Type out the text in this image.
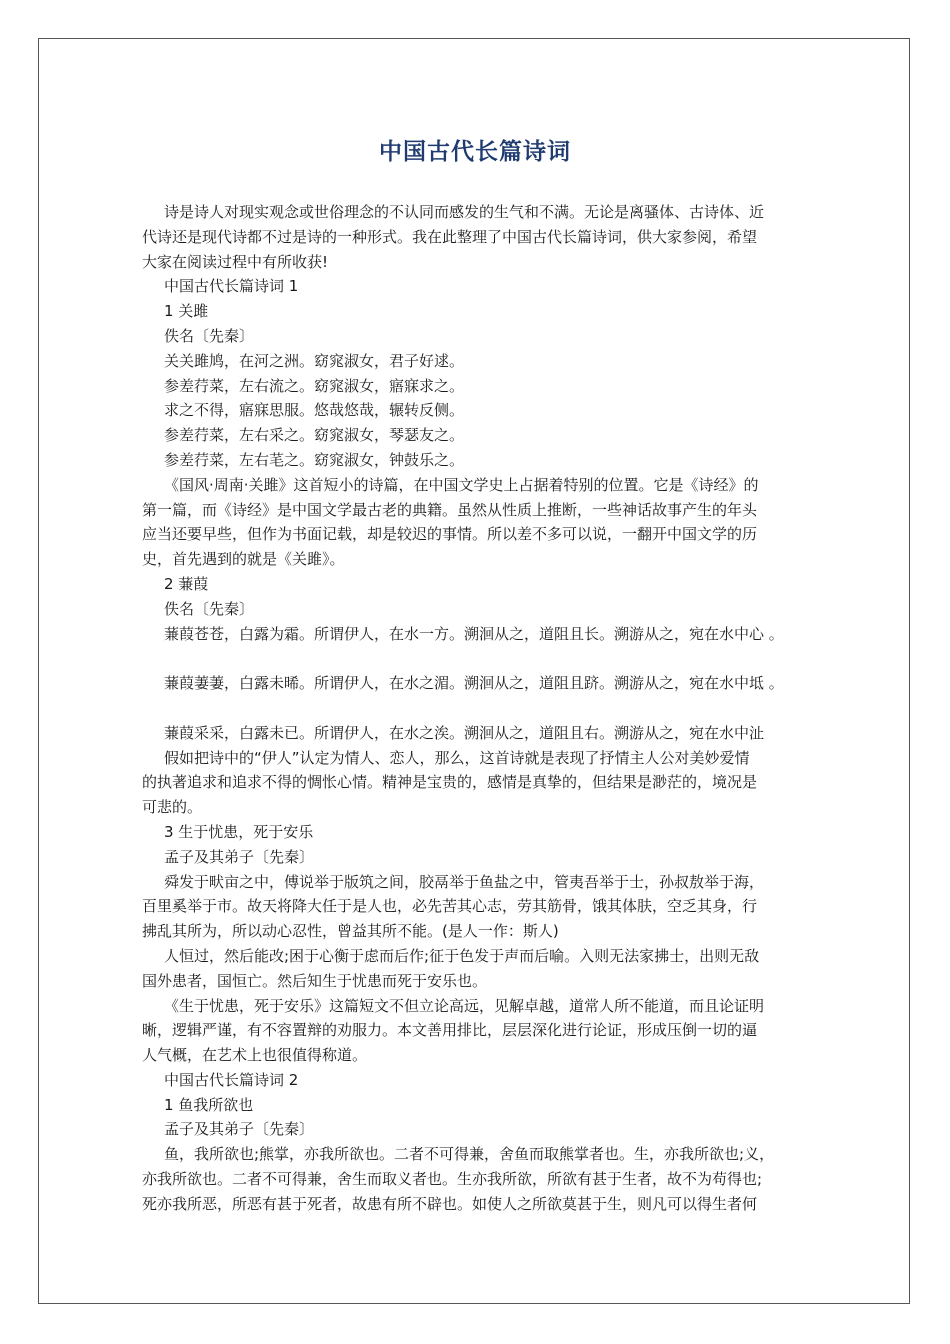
中国古代长篇诗词
诗是诗人对现实观念或世俗理念的不认同而感发的生气和不满。无论是离骚体、古诗体、近
代诗还是现代诗都不过是诗的一种形式。我在此整理了中国古代长篇诗词，供大家参阅，希望
大家在阅读过程中有所收获!
中国古代长篇诗词 1
1 关雎
佚名〔先秦〕
关关雎鸠，在河之洲。窈窕淑女，君子好逑。
参差荇菜，左右流之。窈窕淑女，寤寐求之。
求之不得，寤寐思服。悠哉悠哉，辗转反侧。
参差荇菜，左右采之。窈窕淑女，琴瑟友之。
参差荇菜，左右芼之。窈窕淑女，钟鼓乐之。
《国风·周南·关雎》这首短小的诗篇，在中国文学史上占据着特别的位置。它是《诗经》的
第一篇，而《诗经》是中国文学最古老的典籍。虽然从性质上推断，一些神话故事产生的年头
应当还要早些，但作为书面记载，却是较迟的事情。所以差不多可以说，一翻开中国文学的历
史，首先遇到的就是《关雎》。
2 蒹葭
佚名〔先秦〕
蒹葭苍苍，白露为霜。所谓伊人，在水一方。溯洄从之，道阻且长。溯游从之，宛在水中心 。
蒹葭萋萋，白露未晞。所谓伊人，在水之湄。溯洄从之，道阻且跻。溯游从之，宛在水中坻 。
蒹葭采采，白露未已。所谓伊人，在水之涘。溯洄从之，道阻且右。溯游从之，宛在水中沚
假如把诗中的“伊人”认定为情人、恋人，那么，这首诗就是表现了抒情主人公对美妙爱情
的执著追求和追求不得的惆怅心情。精神是宝贵的，感情是真挚的，但结果是渺茫的，境况是
可悲的。
3 生于忧患，死于安乐
孟子及其弟子〔先秦〕
舜发于畎亩之中，傅说举于版筑之间，胶鬲举于鱼盐之中，管夷吾举于士，孙叔敖举于海，
百里奚举于市。故天将降大任于是人也，必先苦其心志，劳其筋骨，饿其体肤，空乏其身，行
拂乱其所为，所以动心忍性，曾益其所不能。(是人一作：斯人)
人恒过，然后能改;困于心衡于虑而后作;征于色发于声而后喻。入则无法家拂士，出则无敌
国外患者，国恒亡。然后知生于忧患而死于安乐也。
《生于忧患，死于安乐》这篇短文不但立论高远，见解卓越，道常人所不能道，而且论证明
晰，逻辑严谨，有不容置辩的劝服力。本文善用排比，层层深化进行论证，形成压倒一切的逼
人气概，在艺术上也很值得称道。
中国古代长篇诗词 2
1 鱼我所欲也
孟子及其弟子〔先秦〕
鱼，我所欲也;熊掌，亦我所欲也。二者不可得兼，舍鱼而取熊掌者也。生，亦我所欲也;义，
亦我所欲也。二者不可得兼，舍生而取义者也。生亦我所欲，所欲有甚于生者，故不为苟得也;
死亦我所恶，所恶有甚于死者，故患有所不辟也。如使人之所欲莫甚于生，则凡可以得生者何
